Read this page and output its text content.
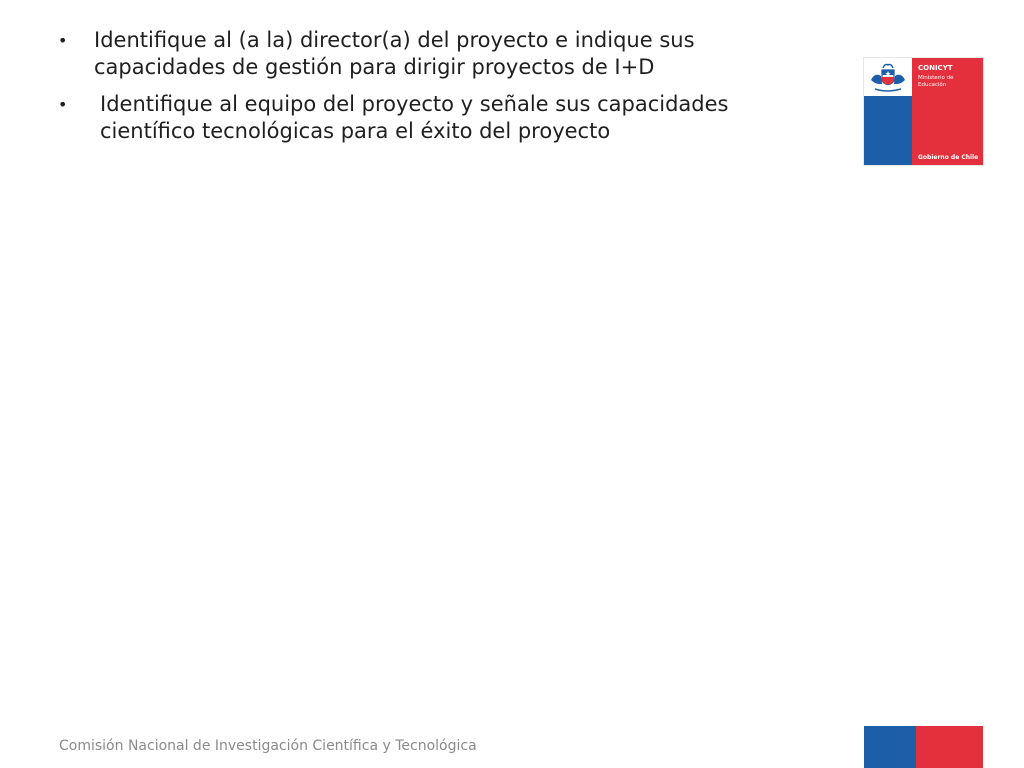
•	Identifique al (a la) director(a) del proyecto e indique sus capacidades de gestión para dirigir proyectos de I+D
•	Identifique al equipo del proyecto y señale sus capacidades científico tecnológicas para el éxito del proyecto
CONICYT
Ministerio de Educación
Gobierno de Chile
Comisión Nacional de Investigación Científica y Tecnológica
